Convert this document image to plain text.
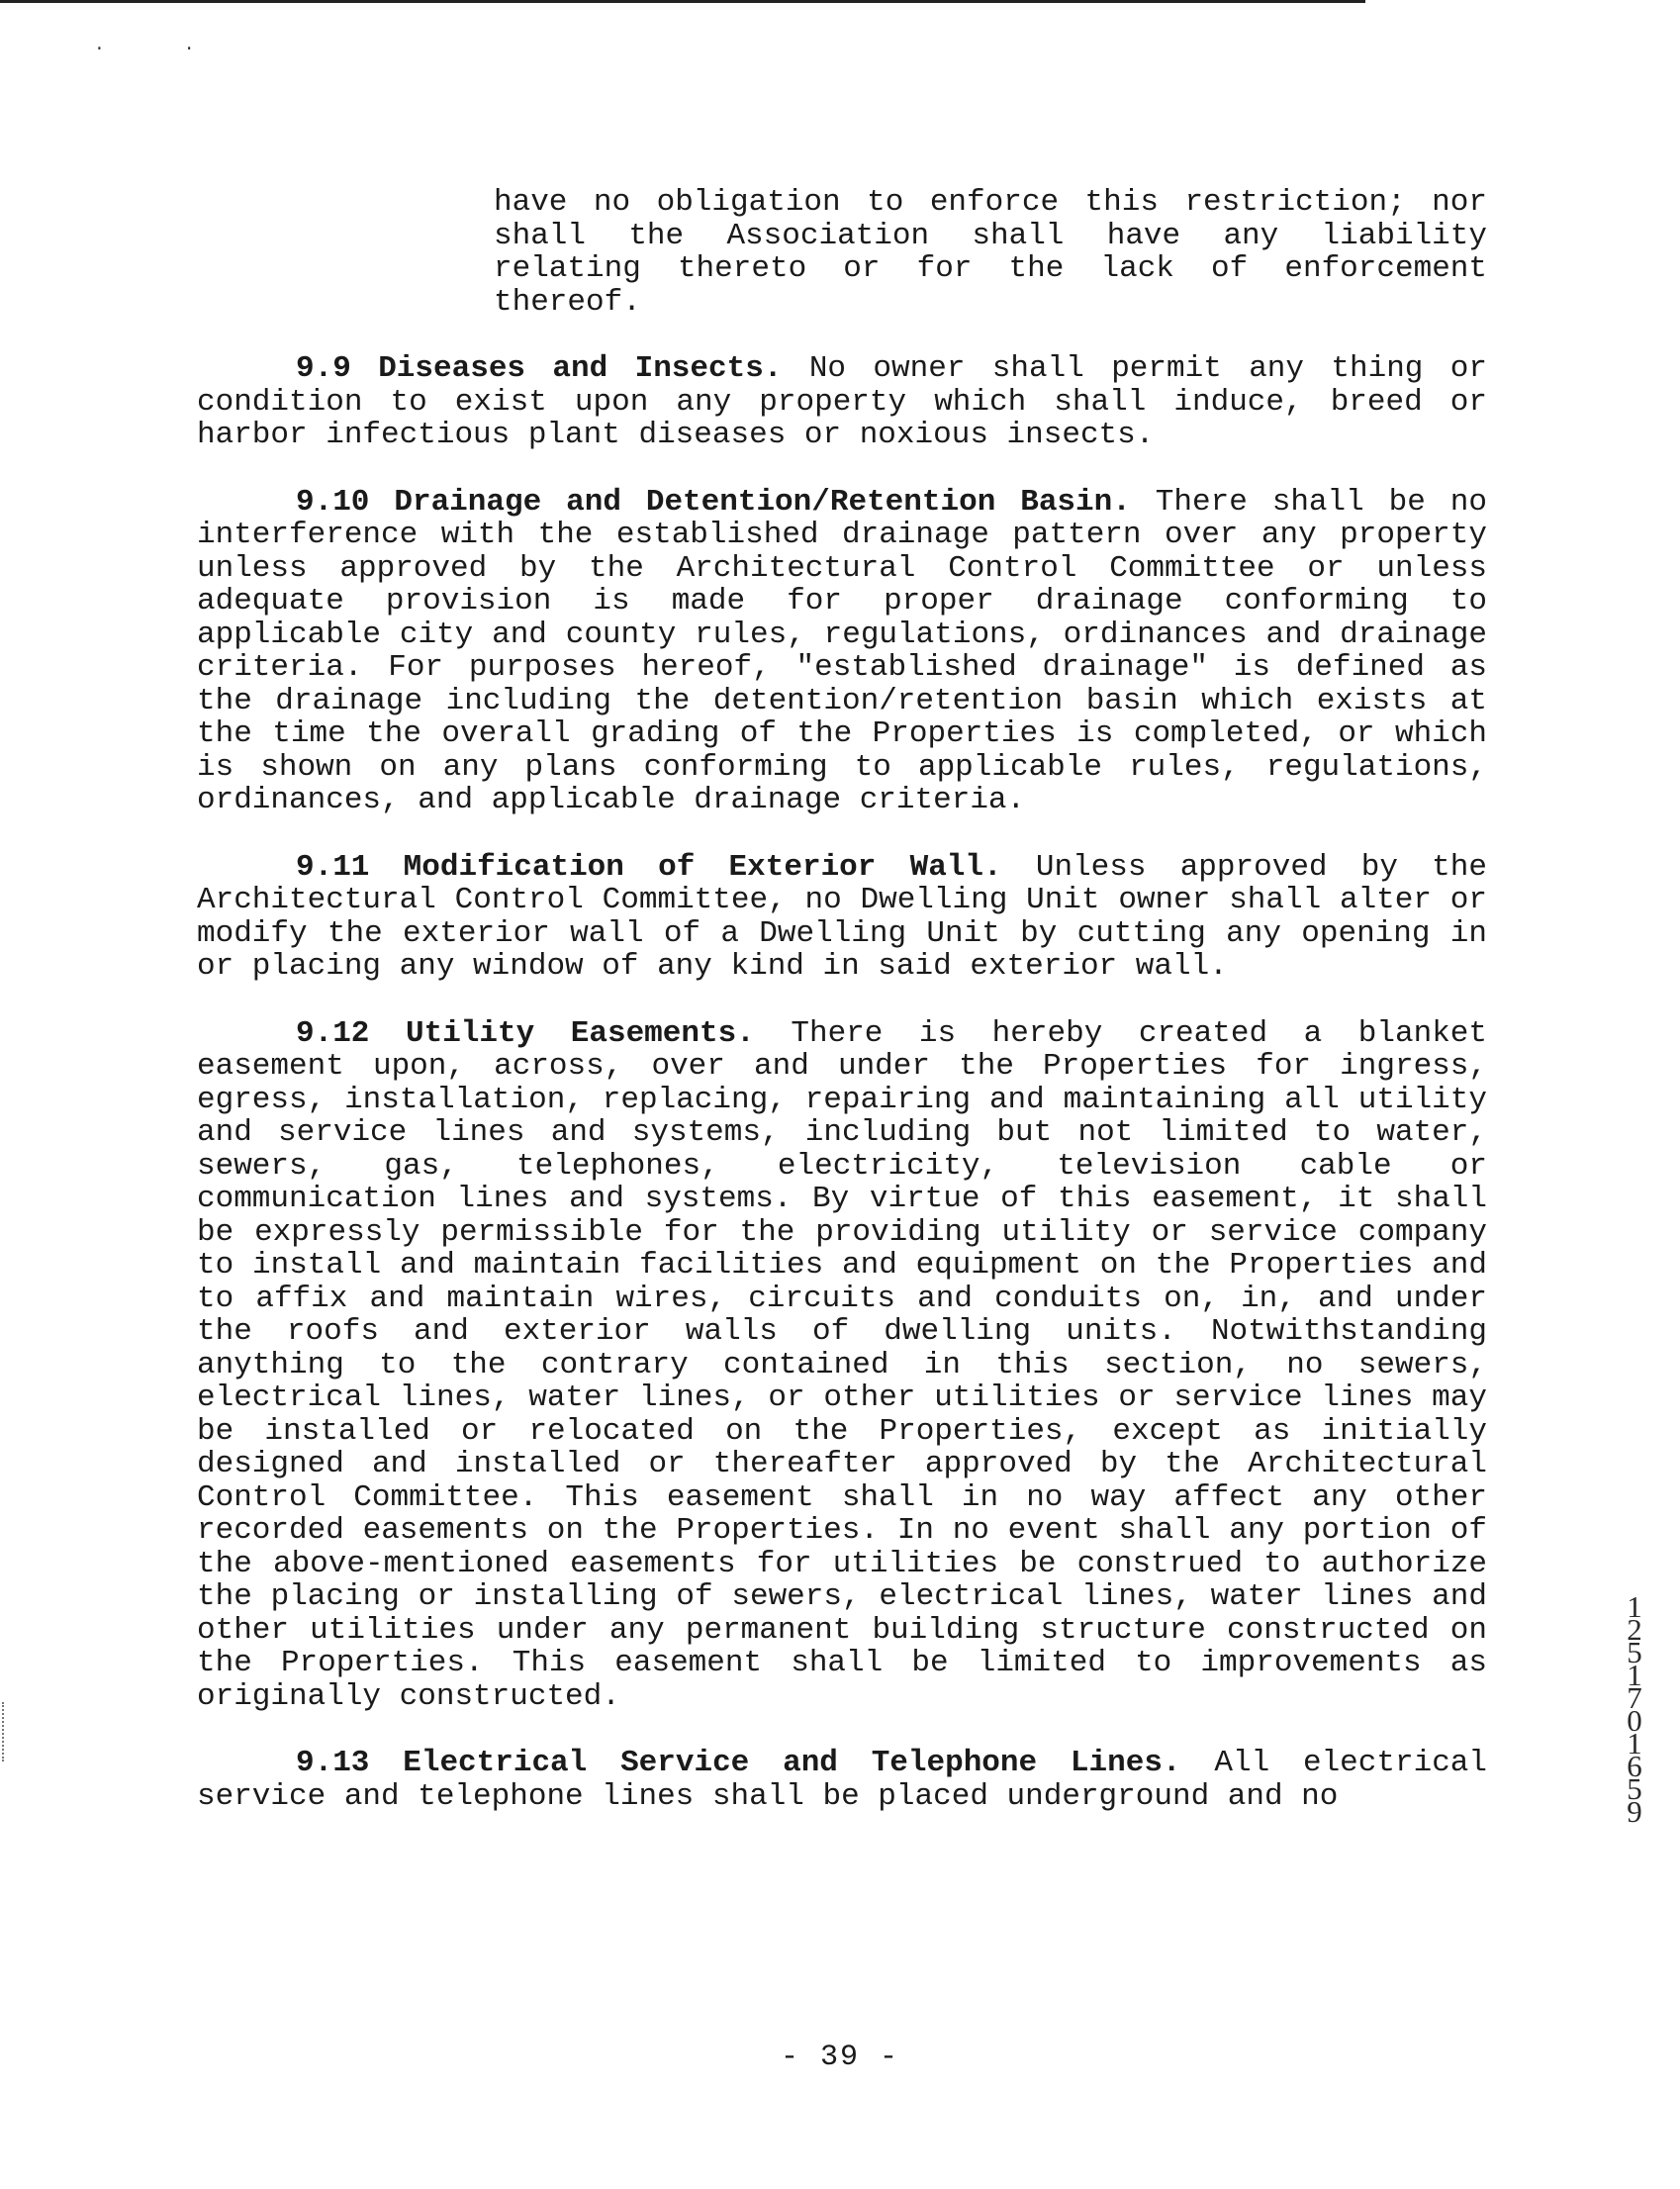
··

have no obligation to enforce this restriction; nor shall the Association shall have any liability relating thereto or for the lack of enforcement thereof.

9.9 Diseases and Insects. No owner shall permit any thing or condition to exist upon any property which shall induce, breed or harbor infectious plant diseases or noxious insects.

9.10 Drainage and Detention/Retention Basin. There shall be no interference with the established drainage pattern over any property unless approved by the Architectural Control Committee or unless adequate provision is made for proper drainage conforming to applicable city and county rules, regulations, ordinances and drainage criteria. For purposes hereof, "established drainage" is defined as the drainage including the detention/retention basin which exists at the time the overall grading of the Properties is completed, or which is shown on any plans conforming to applicable rules, regulations, ordinances, and applicable drainage criteria.

9.11 Modification of Exterior Wall. Unless approved by the Architectural Control Committee, no Dwelling Unit owner shall alter or modify the exterior wall of a Dwelling Unit by cutting any opening in or placing any window of any kind in said exterior wall.

9.12 Utility Easements. There is hereby created a blanket easement upon, across, over and under the Properties for ingress, egress, installation, replacing, repairing and maintaining all utility and service lines and systems, including but not limited to water, sewers, gas, telephones, electricity, television cable or communication lines and systems. By virtue of this easement, it shall be expressly permissible for the providing utility or service company to install and maintain facilities and equipment on the Properties and to affix and maintain wires, circuits and conduits on, in, and under the roofs and exterior walls of dwelling units. Notwithstanding anything to the contrary contained in this section, no sewers, electrical lines, water lines, or other utilities or service lines may be installed or relocated on the Properties, except as initially designed and installed or thereafter approved by the Architectural Control Committee. This easement shall in no way affect any other recorded easements on the Properties. In no event shall any portion of the above-mentioned easements for utilities be construed to authorize the placing or installing of sewers, electrical lines, water lines and other utilities under any permanent building structure constructed on the Properties. This easement shall be limited to improvements as originally constructed.

9.13 Electrical Service and Telephone Lines. All electrical service and telephone lines shall be placed underground and no

12517 01659
- 39 -
